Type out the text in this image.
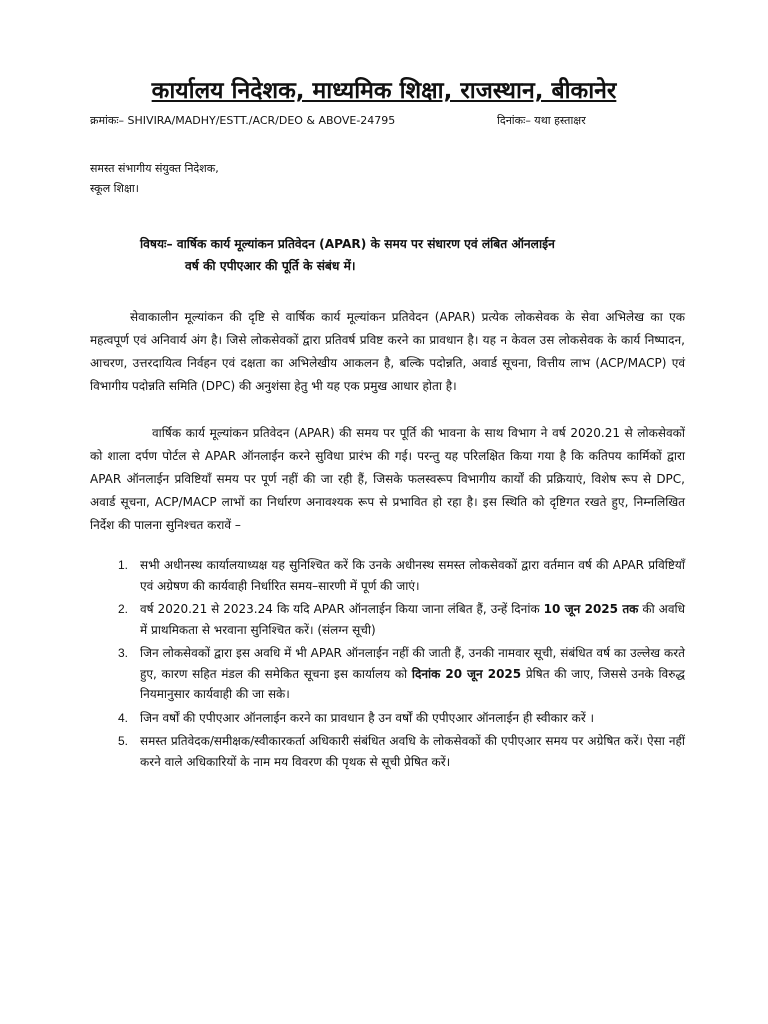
कार्यालय निदेशक, माध्यमिक शिक्षा, राजस्थान, बीकानेर
क्रमांकः– SHIVIRA/MADHY/ESTT./ACR/DEO & ABOVE-24795	दिनांकः– यथा हस्ताक्षर
समस्त संभागीय संयुक्त निदेशक,
स्कूल शिक्षा।
विषयः– वार्षिक कार्य मूल्यांकन प्रतिवेदन (APAR) के समय पर संधारण एवं लंबित ऑनलाईन
वर्ष की एपीएआर की पूर्ति के संबंध में।

सेवाकालीन मूल्यांकन की दृष्टि से वार्षिक कार्य मूल्यांकन प्रतिवेदन (APAR) प्रत्येक लोकसेवक के सेवा अभिलेख का एक महत्वपूर्ण एवं अनिवार्य अंग है। जिसे लोकसेवकों द्वारा प्रतिवर्ष प्रविष्ट करने का प्रावधान है। यह न केवल उस लोकसेवक के कार्य निष्पादन, आचरण, उत्तरदायित्व निर्वहन एवं दक्षता का अभिलेखीय आकलन है, बल्कि पदोन्नति, अवार्ड सूचना, वित्तीय लाभ (ACP/MACP) एवं विभागीय पदोन्नति समिति (DPC) की अनुशंसा हेतु भी यह एक प्रमुख आधार होता है।

वार्षिक कार्य मूल्यांकन प्रतिवेदन (APAR) की समय पर पूर्ति की भावना के साथ विभाग ने वर्ष 2020.21 से लोकसेवकों को शाला दर्पण पोर्टल से APAR ऑनलाईन करने सुविधा प्रारंभ की गई। परन्तु यह परिलक्षित किया गया है कि कतिपय कार्मिकों द्वारा APAR ऑनलाईन प्रविष्टियाँ समय पर पूर्ण नहीं की जा रही हैं, जिसके फलस्वरूप विभागीय कार्यों की प्रक्रियाएं, विशेष रूप से DPC, अवार्ड सूचना, ACP/MACP लाभों का निर्धारण अनावश्यक रूप से प्रभावित हो रहा है। इस स्थिति को दृष्टिगत रखते हुए, निम्नलिखित निर्देश की पालना सुनिश्चत करावें –

1. सभी अधीनस्थ कार्यालयाध्यक्ष यह सुनिश्चित करें कि उनके अधीनस्थ समस्त लोकसेवकों द्वारा वर्तमान वर्ष की APAR प्रविष्टियाँ एवं अग्रेषण की कार्यवाही निर्धारित समय–सारणी में पूर्ण की जाएं।
2. वर्ष 2020.21 से 2023.24 कि यदि APAR ऑनलाईन किया जाना लंबित हैं, उन्हें दिनांक 10 जून 2025 तक की अवधि में प्राथमिकता से भरवाना सुनिश्चित करें। (संलग्न सूची)
3. जिन लोकसेवकों द्वारा इस अवधि में भी APAR ऑनलाईन नहीं की जाती हैं, उनकी नामवार सूची, संबंधित वर्ष का उल्लेख करते हुए, कारण सहित मंडल की समेकित सूचना इस कार्यालय को दिनांक 20 जून 2025 प्रेषित की जाए, जिससे उनके विरुद्ध नियमानुसार कार्यवाही की जा सके।
4. जिन वर्षों की एपीएआर ऑनलाईन करने का प्रावधान है उन वर्षों की एपीएआर ऑनलाईन ही स्वीकार करें ।
5. समस्त प्रतिवेदक/समीक्षक/स्वीकारकर्ता अधिकारी संबंधित अवधि के लोकसेवकों की एपीएआर समय पर अग्रेषित करें। ऐसा नहीं करने वाले अधिकारियों के नाम मय विवरण की पृथक से सूची प्रेषित करें।
